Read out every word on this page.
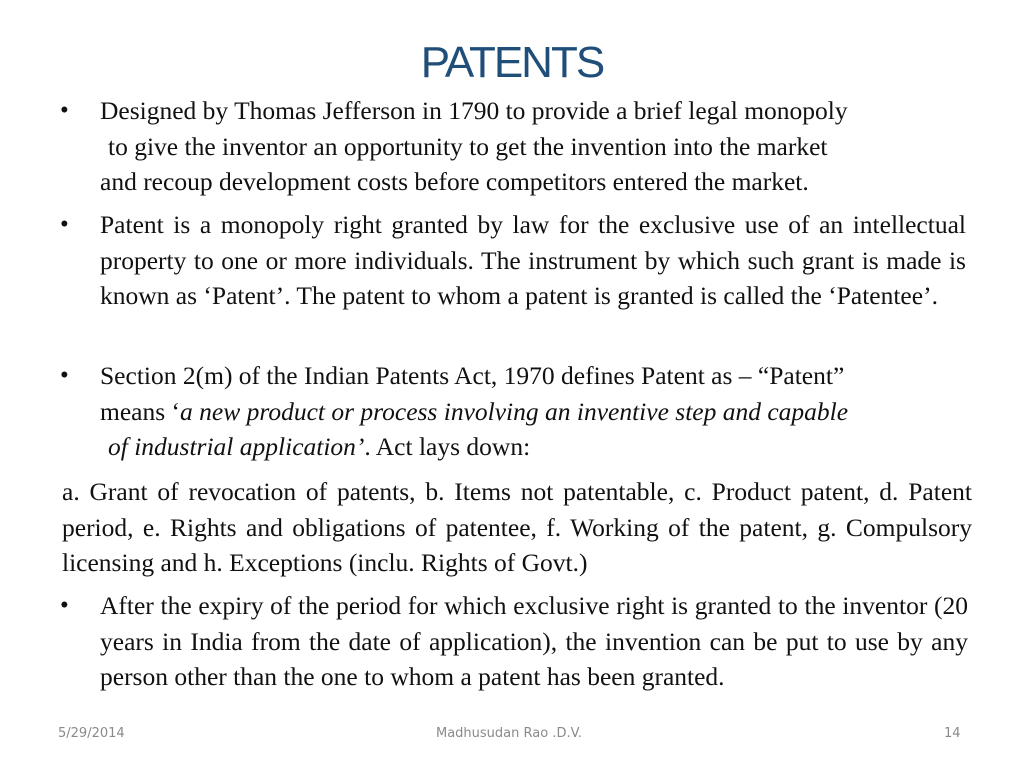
PATENTS
• Designed by Thomas Jefferson in 1790 to provide a brief legal monopoly
to give the inventor an opportunity to get the invention into the market
and recoup development costs before competitors entered the market.
• Patent is a monopoly right granted by law for the exclusive use of an intellectual property to one or more individuals. The instrument by which such grant is made is known as ‘Patent’. The patent to whom a patent is granted is called the ‘Patentee’.

• Section 2(m) of the Indian Patents Act, 1970 defines Patent as – “Patent”
means ‘a new product or process involving an inventive step and capable
of industrial application’. Act lays down:

a. Grant of revocation of patents, b. Items not patentable, c. Product patent, d. Patent period, e. Rights and obligations of patentee, f. Working of the patent, g. Compulsory licensing and h. Exceptions (inclu. Rights of Govt.)

• After the expiry of the period for which exclusive right is granted to the inventor (20 years in India from the date of application), the invention can be put to use by any person other than the one to whom a patent has been granted.

5/29/2014	Madhusudan Rao .D.V.	14
